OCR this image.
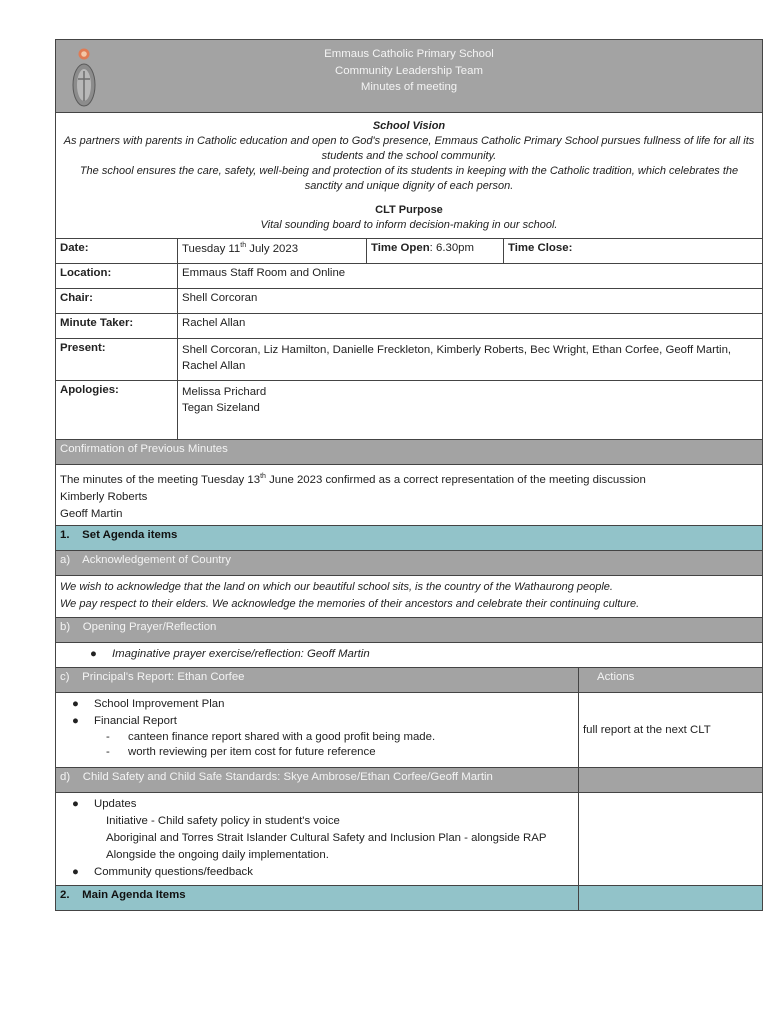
Emmaus Catholic Primary School
Community Leadership Team
Minutes of meeting
School Vision
As partners with parents in Catholic education and open to God's presence, Emmaus Catholic Primary School pursues fullness of life for all its students and the school community.
The school ensures the care, safety, well-being and protection of its students in keeping with the Catholic tradition, which celebrates the sanctity and unique dignity of each person.
CLT Purpose
Vital sounding board to inform decision-making in our school.
Date:	Tuesday 11th July 2023	Time Open: 6.30pm	Time Close:
Location:	Emmaus Staff Room and Online
Chair:	Shell Corcoran
Minute Taker:	Rachel Allan
Present:	Shell Corcoran, Liz Hamilton, Danielle Freckleton, Kimberly Roberts, Bec Wright, Ethan Corfee, Geoff Martin, Rachel Allan
Apologies:	Melissa Prichard
Tegan Sizeland
Confirmation of Previous Minutes
The minutes of the meeting Tuesday 13th June 2023 confirmed as a correct representation of the meeting discussion
Kimberly Roberts
Geoff Martin
1.    Set Agenda items
a)    Acknowledgement of Country
We wish to acknowledge that the land on which our beautiful school sits, is the country of the Wathaurong people.
We pay respect to their elders. We acknowledge the memories of their ancestors and celebrate their continuing culture.
b)    Opening Prayer/Reflection
● Imaginative prayer exercise/reflection: Geoff Martin
c)    Principal's Report: Ethan Corfee	Actions
● School Improvement Plan
● Financial Report
- canteen finance report shared with a good profit being made.
- worth reviewing per item cost for future reference
full report at the next CLT
d)    Child Safety and Child Safe Standards: Skye Ambrose/Ethan Corfee/Geoff Martin
● Updates
Initiative - Child safety policy in student's voice
Aboriginal and Torres Strait Islander Cultural Safety and Inclusion Plan - alongside RAP
Alongside the ongoing daily implementation.
● Community questions/feedback
2.    Main Agenda Items
